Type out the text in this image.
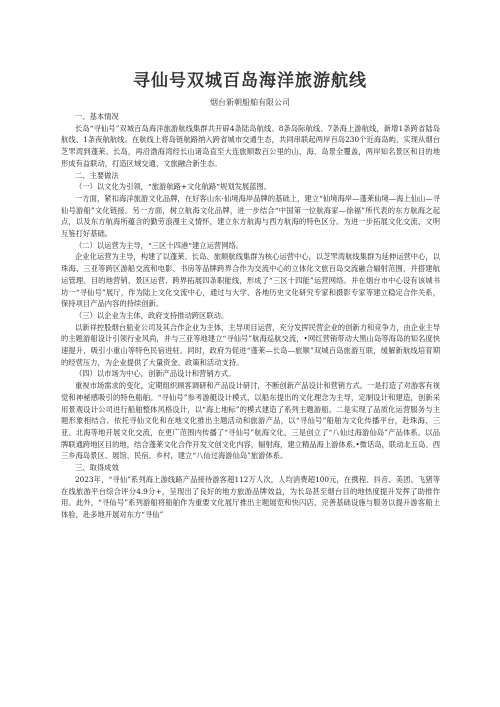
寻仙号双城百岛海洋旅游航线
烟台新朝船舶有限公司

一、基本情况

长岛“寻仙号”双城百岛海洋旅游航线集群共开辟4条陆岛航线、8条岛际航线、7条海上游航线，新增1条跨省陆岛航线、1条夜航航线。在航线上将岛链航路纳入跨省城市交通生态，共同串联起两岸百岛230个近海岛屿，实现从烟台芝罘湾到蓬莱、长岛，再沿渤海湾经长山诸岛直至大连旅顺数百公里的山、海、岛景全覆盖，两岸知名景区和目的地形成有益联动，打造区域交通、文旅融合新生态。

二、主要做法

（一）以文化为引领，“旅游航路+文化航路”规划发展蓝图。

一方面，紧扣海洋旅游文化品牌，在好客山东·仙境海岸品牌的基础上，建立“仙境海岸—蓬莱仙境—海上仙山—寻仙号游船”文化链接。另一方面，树立航海文化品牌，进一步结合“中国第一位航海家—徐福”所代表的东方航海之起点，以及东方航海所蕴含的勤劳浪漫主义情怀，建立东方航海与西方航海的特色区分。为进一步拓展文化交流、文明互鉴打好基础。

（二）以运营为主导，“三区十四港”建立运营网络。

企业化运营为主导，构建了以蓬莱、长岛、旅顺航线集群为核心运营中心，以芝罘湾航线集群为延伸运营中心，以珠海、三亚等跨区游船交流和电影、书房等品牌跨界合作为交流中心的立体化文旅百岛交流融合辐射范围，并搭建航运管理、目的地营销、景区运营、跨界拓展四条职能线，形成了“三区十四能”运营网络。并在烟台市中心设有该城书坊一“寻仙号”展厅，作为陆上文化交流中心，通过与大学、各地历史文化研究专家和摄影专家等建立稳定合作关系，保持项目产品内容的持续创新。

（三）以企业为主体，政府支持推动跨区联动。

以新祥控股烟台船业公司及其合作企业为主体，主导项目运营，充分发挥民营企业的创新力和竞争力，由企业主导的主题游船设计引领行业风尚，并与三亚等地建立“寻仙号”航海巡航交流，•网红营销带动大黑山岛等海岛的知名度快速提升，吸引小重山等特色民宿进驻。同时，政府为促进“蓬莱—长岛—旅顺”双城百岛旅游互联，缓解新航线培育期的经营压力，为企业提供了大量资金、政策和活动支持。

（四）以市场为中心，创新产品设计和营销方式。

重视市场需求的变化，定期组织顾客调研和产品设计研讨，不断创新产品设计和营销方式。一是打造了对游客有视觉和神秘感吸引的特色船舶。“寻仙号”参考游艇设计模式，以船东提出的文化理念为主导，定制设计和建造，创新采用景观设计公司进行船舶整体风格设计，以“海上地标”的模式建造了系列主题游船。二是实现了品质化运营服务与主题形象相结合。依托寻仙文化和在地文化推出主题活动和旅游产品，以“寻仙号”船舶为文化传播平台，赴珠海、三亚、北海等地开展文化交流，在更广范围内传播了“寻仙号”航海文化，三是创立了“八仙过海游仙岛”产品体系。以品牌联通跨地区目的地，结合蓬莱文化合作开发文创文化内容，辐射海，建立精品海上游体系,•微话岛，联动北五岛、西三乡海岛景区、展馆、民宿、乡村，建立“八仙过海游仙岛”旅游体系。

三、取得成效

2023年，“寻仙”系列海上游线路产品接待游客超112万人次，人均消费超100元，在携程、抖音、美团、飞猪等在线旅游平台综合评分4.9分+，呈现出了良好的地方旅游品牌效益，为长岛甚至烟台目的地热度提升发挥了助推作用。此外，“寻仙号”系列游船将船舶作为重要文化展厅推出主题展览和快闪店，完善基础设施与服务以提升游客船上体验，赴多地开展对东方“寻仙”
